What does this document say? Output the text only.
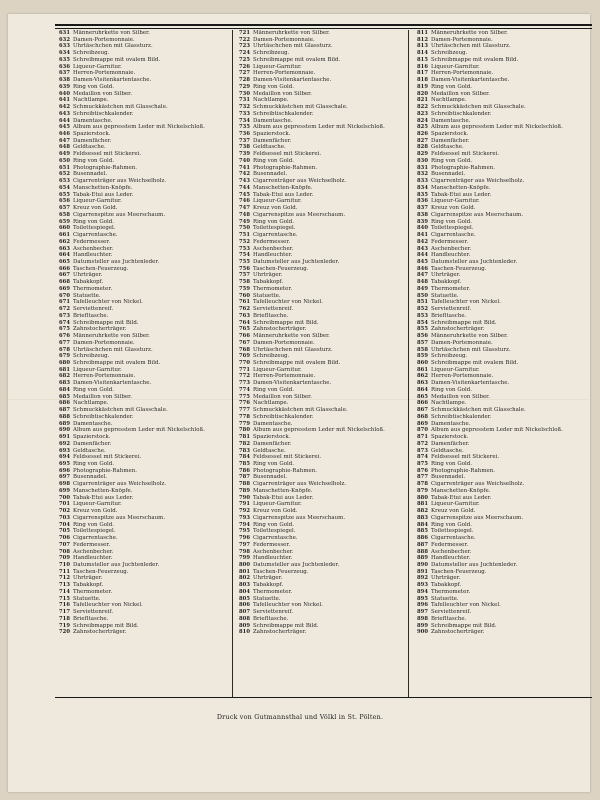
631 Männeruhrkette von Silber.
632 Damen-Portemonnaie.
633 Uhrtäschchen mit Glassturz.
634 Schreibzeug.
635 Schreibmappe mit ovalem Bild.
636 Liqueur-Garnitur.
637 Herren-Portemonnaie.
638 Damen-Visitenkartentasche.
639 Ring von Gold.
640 Medaillon von Silber.
641 Nachtlampe.
642 Schmuckkästchen mit Glasschale.
643 Schreibtischkalender.
644 Damentasche.
645 Album aus gepresstem Leder mit Nickelschloß.
646 Spazierstock.
647 Damenfächer.
648 Geldtasche.
649 Feldsessel mit Stickerei.
650 Ring von Gold.
651 Photographie-Rahmen.
652 Busennadel.
653 Cigarrenträger aus Weichselholz.
654 Manschetten-Knöpfe.
655 Tabak-Etui aus Leder.
656 Liqueur-Garnitur.
657 Kreuz von Gold.
658 Cigarrenspitze aus Meerschaum.
659 Ring von Gold.
660 Toilettespiegel.
661 Cigarrentasche.
662 Federmesser.
663 Aschenbecher.
664 Handleuchter.
665 Datumsteller aus Juchtenleder.
666 Taschen-Feuerzeug.
667 Uhrträger.
668 Tabakkopf.
669 Thermometer.
670 Statuette.
671 Tafelleuchter von Nickel.
672 Serviettenreif.
673 Briefltasche.
674 Schreibmappe mit Bild.
675 Zahnstocherträger.
676 Männeruhrkette von Silber.
677 Damen-Portemonnaie.
678 Uhrtäschchen mit Glassturz.
679 Schreibzeug.
680 Schreibmappe mit ovalem Bild.
681 Liqueur-Garnitur.
682 Herren-Portemonnaie.
683 Damen-Visitenkartentasche.
684 Ring von Gold.
685 Medaillon von Silber.
686 Nachtlampe.
687 Schmuckkästchen mit Glasschale.
688 Schreibtischkalender.
689 Damentasche.
690 Album aus gepresstem Leder mit Nickelschloß.
691 Spazierstock.
692 Damenfächer.
693 Geldtasche.
694 Feldsessel mit Stickerei.
695 Ring von Gold.
696 Photographie-Rahmen.
697 Busennadel.
698 Cigarrenträger aus Weichselholz.
699 Manschetten-Knöpfe.
700 Tabak-Etui aus Leder.
701 Liqueur-Garnitur.
702 Kreuz von Gold.
703 Cigarrenspitze aus Meerschaum.
704 Ring von Gold.
705 Toilettespiegel.
706 Cigarrentasche.
707 Federmesser.
708 Aschenbecher.
709 Handleuchter.
710 Datumsteller aus Juchtenleder.
711 Taschen-Feuerzeug.
712 Uhrträger.
713 Tabakkopf.
714 Thermometer.
715 Statuette.
716 Tafelleuchter von Nickel.
717 Serviettenreif.
718 Briefltasche.
719 Schreibmappe mit Bild.
720 Zahnstocherträger.
721 Männeruhrkette von Silber.
722 Damen-Portemonnaie.
723 Uhrtäschchen mit Glassturz.
724 Schreibzeug.
725 Schreibmappe mit ovalem Bild.
726 Liqueur-Garnitur.
727 Herren-Portemonnaie.
728 Damen-Visitenkartentasche.
729 Ring von Gold.
730 Medaillon von Silber.
731 Nachtlampe.
732 Schmuckkästchen mit Glasschale.
733 Schreibtischkalender.
734 Damentasche.
735 Album aus gepresstem Leder mit Nickelschloß.
736 Spazierstock.
737 Damenfächer.
738 Geldtasche.
739 Feldsessel mit Stickerei.
740 Ring von Gold.
741 Photographie-Rahmen.
742 Busennadel.
743 Cigarrenträger aus Weichselholz.
744 Manschetten-Knöpfe.
745 Tabak-Etui aus Leder.
746 Liqueur-Garnitur.
747 Kreuz von Gold.
748 Cigarrenspitze aus Meerschaum.
749 Ring von Gold.
750 Toilettespiegel.
751 Cigarrentasche.
752 Federmesser.
753 Aschenbecher.
754 Handleuchter.
755 Datumsteller aus Juchtenleder.
756 Taschen-Feuerzeug.
757 Uhrträger.
758 Tabakkopf.
759 Thermometer.
760 Statuette.
761 Tafelleuchter von Nickel.
762 Serviettenreif.
763 Briefltasche.
764 Schreibmappe mit Bild.
765 Zahnstocherträger.
766 Männeruhrkette von Silber.
767 Damen-Portemonnaie.
768 Uhrtäschchen mit Glassturz.
769 Schreibzeug.
770 Schreibmappe mit ovalem Bild.
771 Liqueur-Garnitur.
772 Herren-Portemonnaie.
773 Damen-Visitenkartentasche.
774 Ring von Gold.
775 Medaillon von Silber.
776 Nachtlampe.
777 Schmuckkästchen mit Glasschale.
778 Schreibtischkalender.
779 Damentasche.
780 Album aus gepresstem Leder mit Nickelschloß.
781 Spazierstock.
782 Damenfächer.
783 Geldtasche.
784 Feldsessel mit Stickerei.
785 Ring von Gold.
786 Photographie-Rahmen.
787 Busennadel.
788 Cigarrenträger aus Weichselholz.
789 Manschetten-Knöpfe.
790 Tabak-Etui aus Leder.
791 Liqueur-Garnitur.
792 Kreuz von Gold.
793 Cigarrenspitze aus Meerschaum.
794 Ring von Gold.
795 Toilettespiegel.
796 Cigarrentasche.
797 Federmesser.
798 Aschenbecher.
799 Handleuchter.
800 Datumsteller aus Juchtenleder.
801 Taschen-Feuerzeug.
802 Uhrträger.
803 Tabakkopf.
804 Thermometer.
805 Statuette.
806 Tafelleuchter von Nickel.
807 Serviettenreif.
808 Briefltasche.
809 Schreibmappe mit Bild.
810 Zahnstocherträger.
811 Männeruhrkette von Silber.
812 Damen-Portemonnaie.
813 Uhrtäschchen mit Glassturz.
814 Schreibzeug.
815 Schreibmappe mit ovalem Bild.
816 Liqueur-Garnitur.
817 Herren-Portemonnaie.
818 Damen-Visitenkartentasche.
819 Ring von Gold.
820 Medaillon von Silber.
821 Nachtlampe.
822 Schmuckkästchen mit Glasschale.
823 Schreibtischkalender.
824 Damentasche.
825 Album aus gepresstem Leder mit Nickelschloß.
826 Spazierstock.
827 Damenfächer.
828 Geldtasche.
829 Feldsessel mit Stickerei.
830 Ring von Gold.
831 Photographie-Rahmen.
832 Busennadel.
833 Cigarrenträger aus Weichselholz.
834 Manschetten-Knöpfe.
835 Tabak-Etui aus Leder.
836 Liqueur-Garnitur.
837 Kreuz von Gold.
838 Cigarrenspitze aus Meerschaum.
839 Ring von Gold.
840 Toilettespiegel.
841 Cigarrentasche.
842 Federmesser.
843 Aschenbecher.
844 Handleuchter.
845 Datumsteller aus Juchtenleder.
846 Taschen-Feuerzeug.
847 Uhrträger.
848 Tabakkopf.
849 Thermometer.
850 Statuette.
851 Tafelleuchter von Nickel.
852 Serviettenreif.
853 Briefltasche.
854 Schreibmappe mit Bild.
855 Zahnstocherträger.
856 Männeruhrkette von Silber.
857 Damen-Portemonnaie.
858 Uhrtäschchen mit Glassturz.
859 Schreibzeug.
860 Schreibmappe mit ovalem Bild.
861 Liqueur-Garnitur.
862 Herren-Portemonnaie.
863 Damen-Visitenkartentasche.
864 Ring von Gold.
865 Medaillon von Silber.
866 Nachtlampe.
867 Schmuckkästchen mit Glasschale.
868 Schreibtischkalender.
869 Damentasche.
870 Album aus gepresstem Leder mit Nickelschloß.
871 Spazierstock.
872 Damenfächer.
873 Geldtasche.
874 Feldsessel mit Stickerei.
875 Ring von Gold.
876 Photographie-Rahmen.
877 Busennadel.
878 Cigarrenträger aus Weichselholz.
879 Manschetten-Knöpfe.
880 Tabak-Etui aus Leder.
881 Liqueur-Garnitur.
882 Kreuz von Gold.
883 Cigarrenspitze aus Meerschaum.
884 Ring von Gold.
885 Toilettespiegel.
886 Cigarrentasche.
887 Federmesser.
888 Aschenbecher.
889 Handleuchter.
890 Datumsteller aus Juchtenleder.
891 Taschen-Feuerzeug.
892 Uhrträger.
893 Tabakkopf.
894 Thermometer.
895 Statuette.
896 Tafelleuchter von Nickel.
897 Serviettenreif.
898 Briefltasche.
899 Schreibmappe mit Bild.
900 Zahnstocherträger.
Druck von Gutmannsthal und Völkl in St. Pölten.
